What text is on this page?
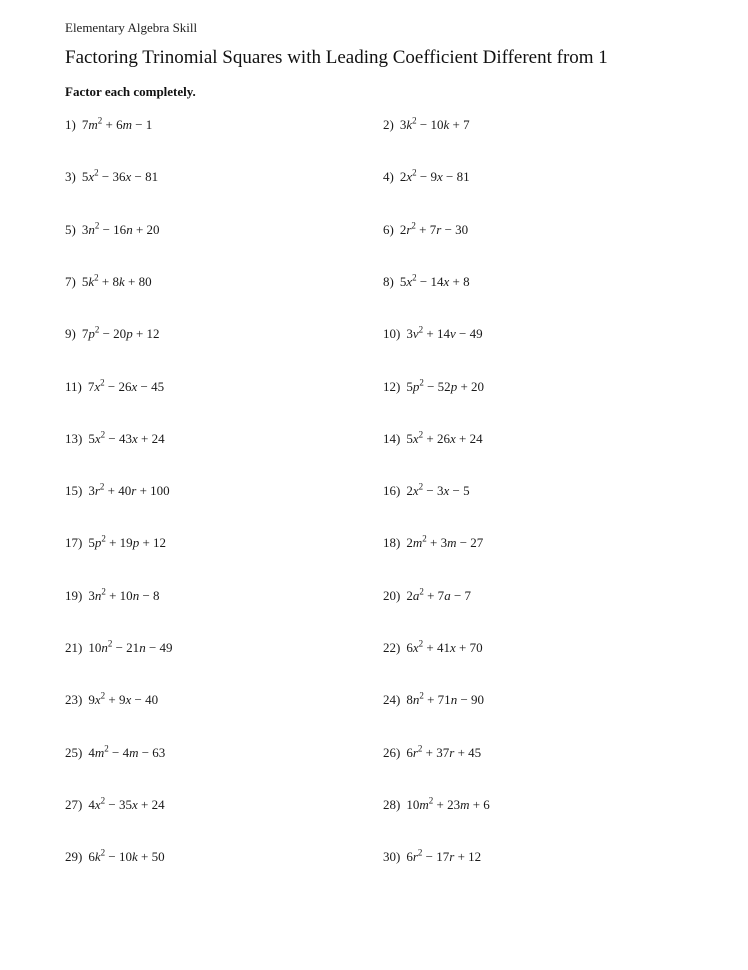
Elementary Algebra Skill
Factoring Trinomial Squares with Leading Coefficient Different from 1
Factor each completely.
1) $7m^2 + 6m - 1$	2) $3k^2 - 10k + 7$
3) $5x^2 - 36x - 81$	4) $2x^2 - 9x - 81$
5) $3n^2 - 16n + 20$	6) $2r^2 + 7r - 30$
7) $5k^2 + 8k + 80$	8) $5x^2 - 14x + 8$
9) $7p^2 - 20p + 12$	10) $3v^2 + 14v - 49$
11) $7x^2 - 26x - 45$	12) $5p^2 - 52p + 20$
13) $5x^2 - 43x + 24$	14) $5x^2 + 26x + 24$
15) $3r^2 + 40r + 100$	16) $2x^2 - 3x - 5$
17) $5p^2 + 19p + 12$	18) $2m^2 + 3m - 27$
19) $3n^2 + 10n - 8$	20) $2a^2 + 7a - 7$
21) $10n^2 - 21n - 49$	22) $6x^2 + 41x + 70$
23) $9x^2 + 9x - 40$	24) $8n^2 + 71n - 90$
25) $4m^2 - 4m - 63$	26) $6r^2 + 37r + 45$
27) $4x^2 - 35x + 24$	28) $10m^2 + 23m + 6$
29) $6k^2 - 10k + 50$	30) $6r^2 - 17r + 12$
